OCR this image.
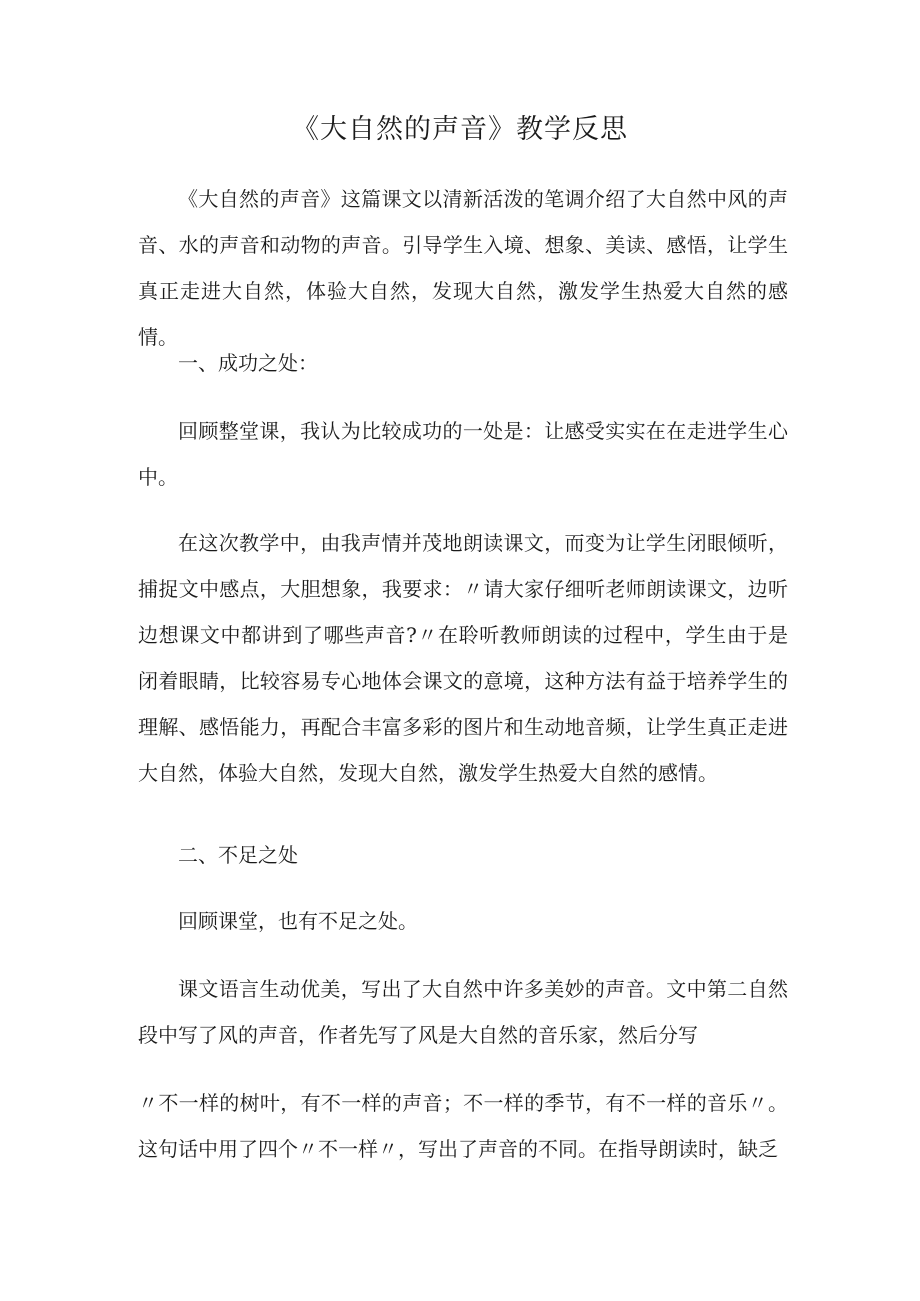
《大自然的声音》教学反思

《大自然的声音》这篇课文以清新活泼的笔调介绍了大自然中风的声音、水的声音和动物的声音。引导学生入境、想象、美读、感悟，让学生真正走进大自然，体验大自然，发现大自然，激发学生热爱大自然的感情。

一、成功之处：

回顾整堂课，我认为比较成功的一处是：让感受实实在在走进学生心中。

在这次教学中，由我声情并茂地朗读课文，而变为让学生闭眼倾听，捕捉文中感点，大胆想象，我要求：〃请大家仔细听老师朗读课文，边听边想课文中都讲到了哪些声音?〃在聆听教师朗读的过程中，学生由于是闭着眼睛，比较容易专心地体会课文的意境，这种方法有益于培养学生的理解、感悟能力，再配合丰富多彩的图片和生动地音频，让学生真正走进大自然，体验大自然，发现大自然，激发学生热爱大自然的感情。

二、不足之处

回顾课堂，也有不足之处。

课文语言生动优美，写出了大自然中许多美妙的声音。文中第二自然段中写了风的声音，作者先写了风是大自然的音乐家，然后分写

〃不一样的树叶，有不一样的声音；不一样的季节，有不一样的音乐〃。这句话中用了四个〃不一样〃，写出了声音的不同。在指导朗读时，缺乏
